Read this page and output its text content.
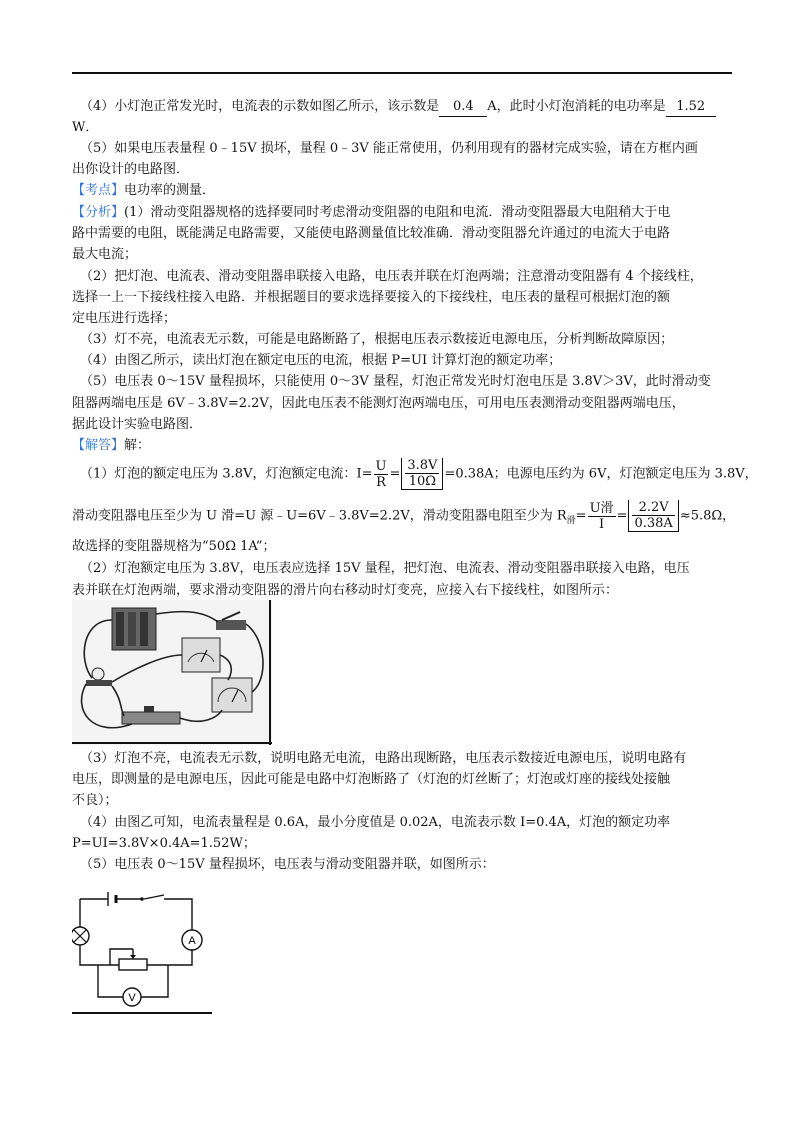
（4）小灯泡正常发光时，电流表的示数如图乙所示，该示数是 0.4 A，此时小灯泡消耗的电功率是 1.52
W．
（5）如果电压表量程 0﹣15V 损坏，量程 0﹣3V 能正常使用，仍利用现有的器材完成实验，请在方框内画
出你设计的电路图．
【考点】电功率的测量．
【分析】(1）滑动变阻器规格的选择要同时考虑滑动变阻器的电阻和电流．滑动变阻器最大电阻稍大于电
路中需要的电阻，既能满足电路需要，又能使电路测量值比较准确．滑动变阻器允许通过的电流大于电路
最大电流；
（2）把灯泡、电流表、滑动变阻器串联接入电路，电压表并联在灯泡两端；注意滑动变阻器有 4 个接线柱，
选择一上一下接线柱接入电路．并根据题目的要求选择要接入的下接线柱，电压表的量程可根据灯泡的额
定电压进行选择；
（3）灯不亮，电流表无示数，可能是电路断路了，根据电压表示数接近电源电压，分析判断故障原因；
（4）由图乙所示，读出灯泡在额定电压的电流，根据 P=UI 计算灯泡的额定功率；
（5）电压表 0～15V 量程损坏，只能使用 0～3V 量程，灯泡正常发光时灯泡电压是 3.8V＞3V，此时滑动变
阻器两端电压是 6V﹣3.8V=2.2V，因此电压表不能测灯泡两端电压，可用电压表测滑动变阻器两端电压，
据此设计实验电路图．
【解答】解：
（1）灯泡的额定电压为 3.8V，灯泡额定电流：$I= \frac{U}{R} = \frac{3.8V}{10\Omega} =0.38A$；电源电压约为 6V，灯泡额定电压为 3.8V，
滑动变阻器电压至少为 U 滑=U 源﹣U=6V﹣3.8V=2.2V，滑动变阻器电阻至少为 $R_滑= \frac{\text{U滑}}{I} = \frac{2.2V}{0.38A} \approx 5.8\Omega$，
故选择的变阻器规格为“50Ω 1A”；
（2）灯泡额定电压为 3.8V，电压表应选择 15V 量程，把灯泡、电流表、滑动变阻器串联接入电路，电压
表并联在灯泡两端，要求滑动变阻器的滑片向右移动时灯变亮，应接入右下接线柱，如图所示：
（3）灯泡不亮，电流表无示数，说明电路无电流，电路出现断路，电压表示数接近电源电压，说明电路有
电压，即测量的是电源电压，因此可能是电路中灯泡断路了（灯泡的灯丝断了；灯泡或灯座的接线处接触
不良）；
（4）由图乙可知，电流表量程是 0.6A，最小分度值是 0.02A，电流表示数 I=0.4A，灯泡的额定功率
P=UI=3.8V×0.4A=1.52W；
（5）电压表 0～15V 量程损坏，电压表与滑动变阻器并联，如图所示：
A
V
